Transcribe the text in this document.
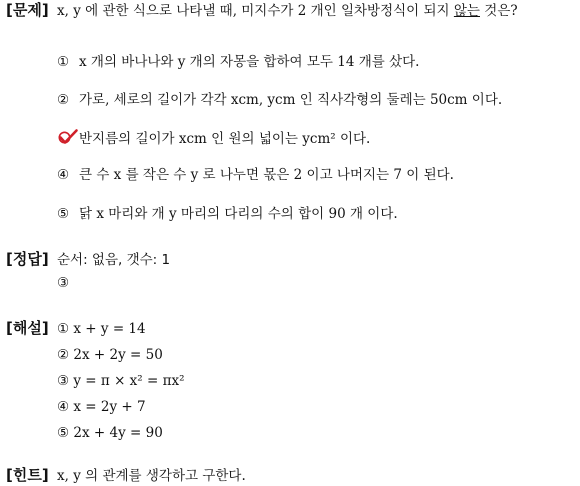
[문제] x, y 에 관한 식으로 나타낼 때, 미지수가 2 개인 일차방정식이 되지 않는 것은?
① x 개의 바나나와 y 개의 자몽을 합하여 모두 14 개를 샀다.
② 가로, 세로의 길이가 각각 xcm, ycm 인 직사각형의 둘레는 50cm 이다.
반지름의 길이가 xcm 인 원의 넓이는 ycm² 이다.
④ 큰 수 x 를 작은 수 y 로 나누면 몫은 2 이고 나머지는 7 이 된다.
⑤ 닭 x 마리와 개 y 마리의 다리의 수의 합이 90 개 이다.
[정답] 순서: 없음, 갯수: 1
③
[해설] ① x + y = 14
② 2x + 2y = 50
③ y = π × x² = πx²
④ x = 2y + 7
⑤ 2x + 4y = 90
[힌트] x, y 의 관계를 생각하고 구한다.
